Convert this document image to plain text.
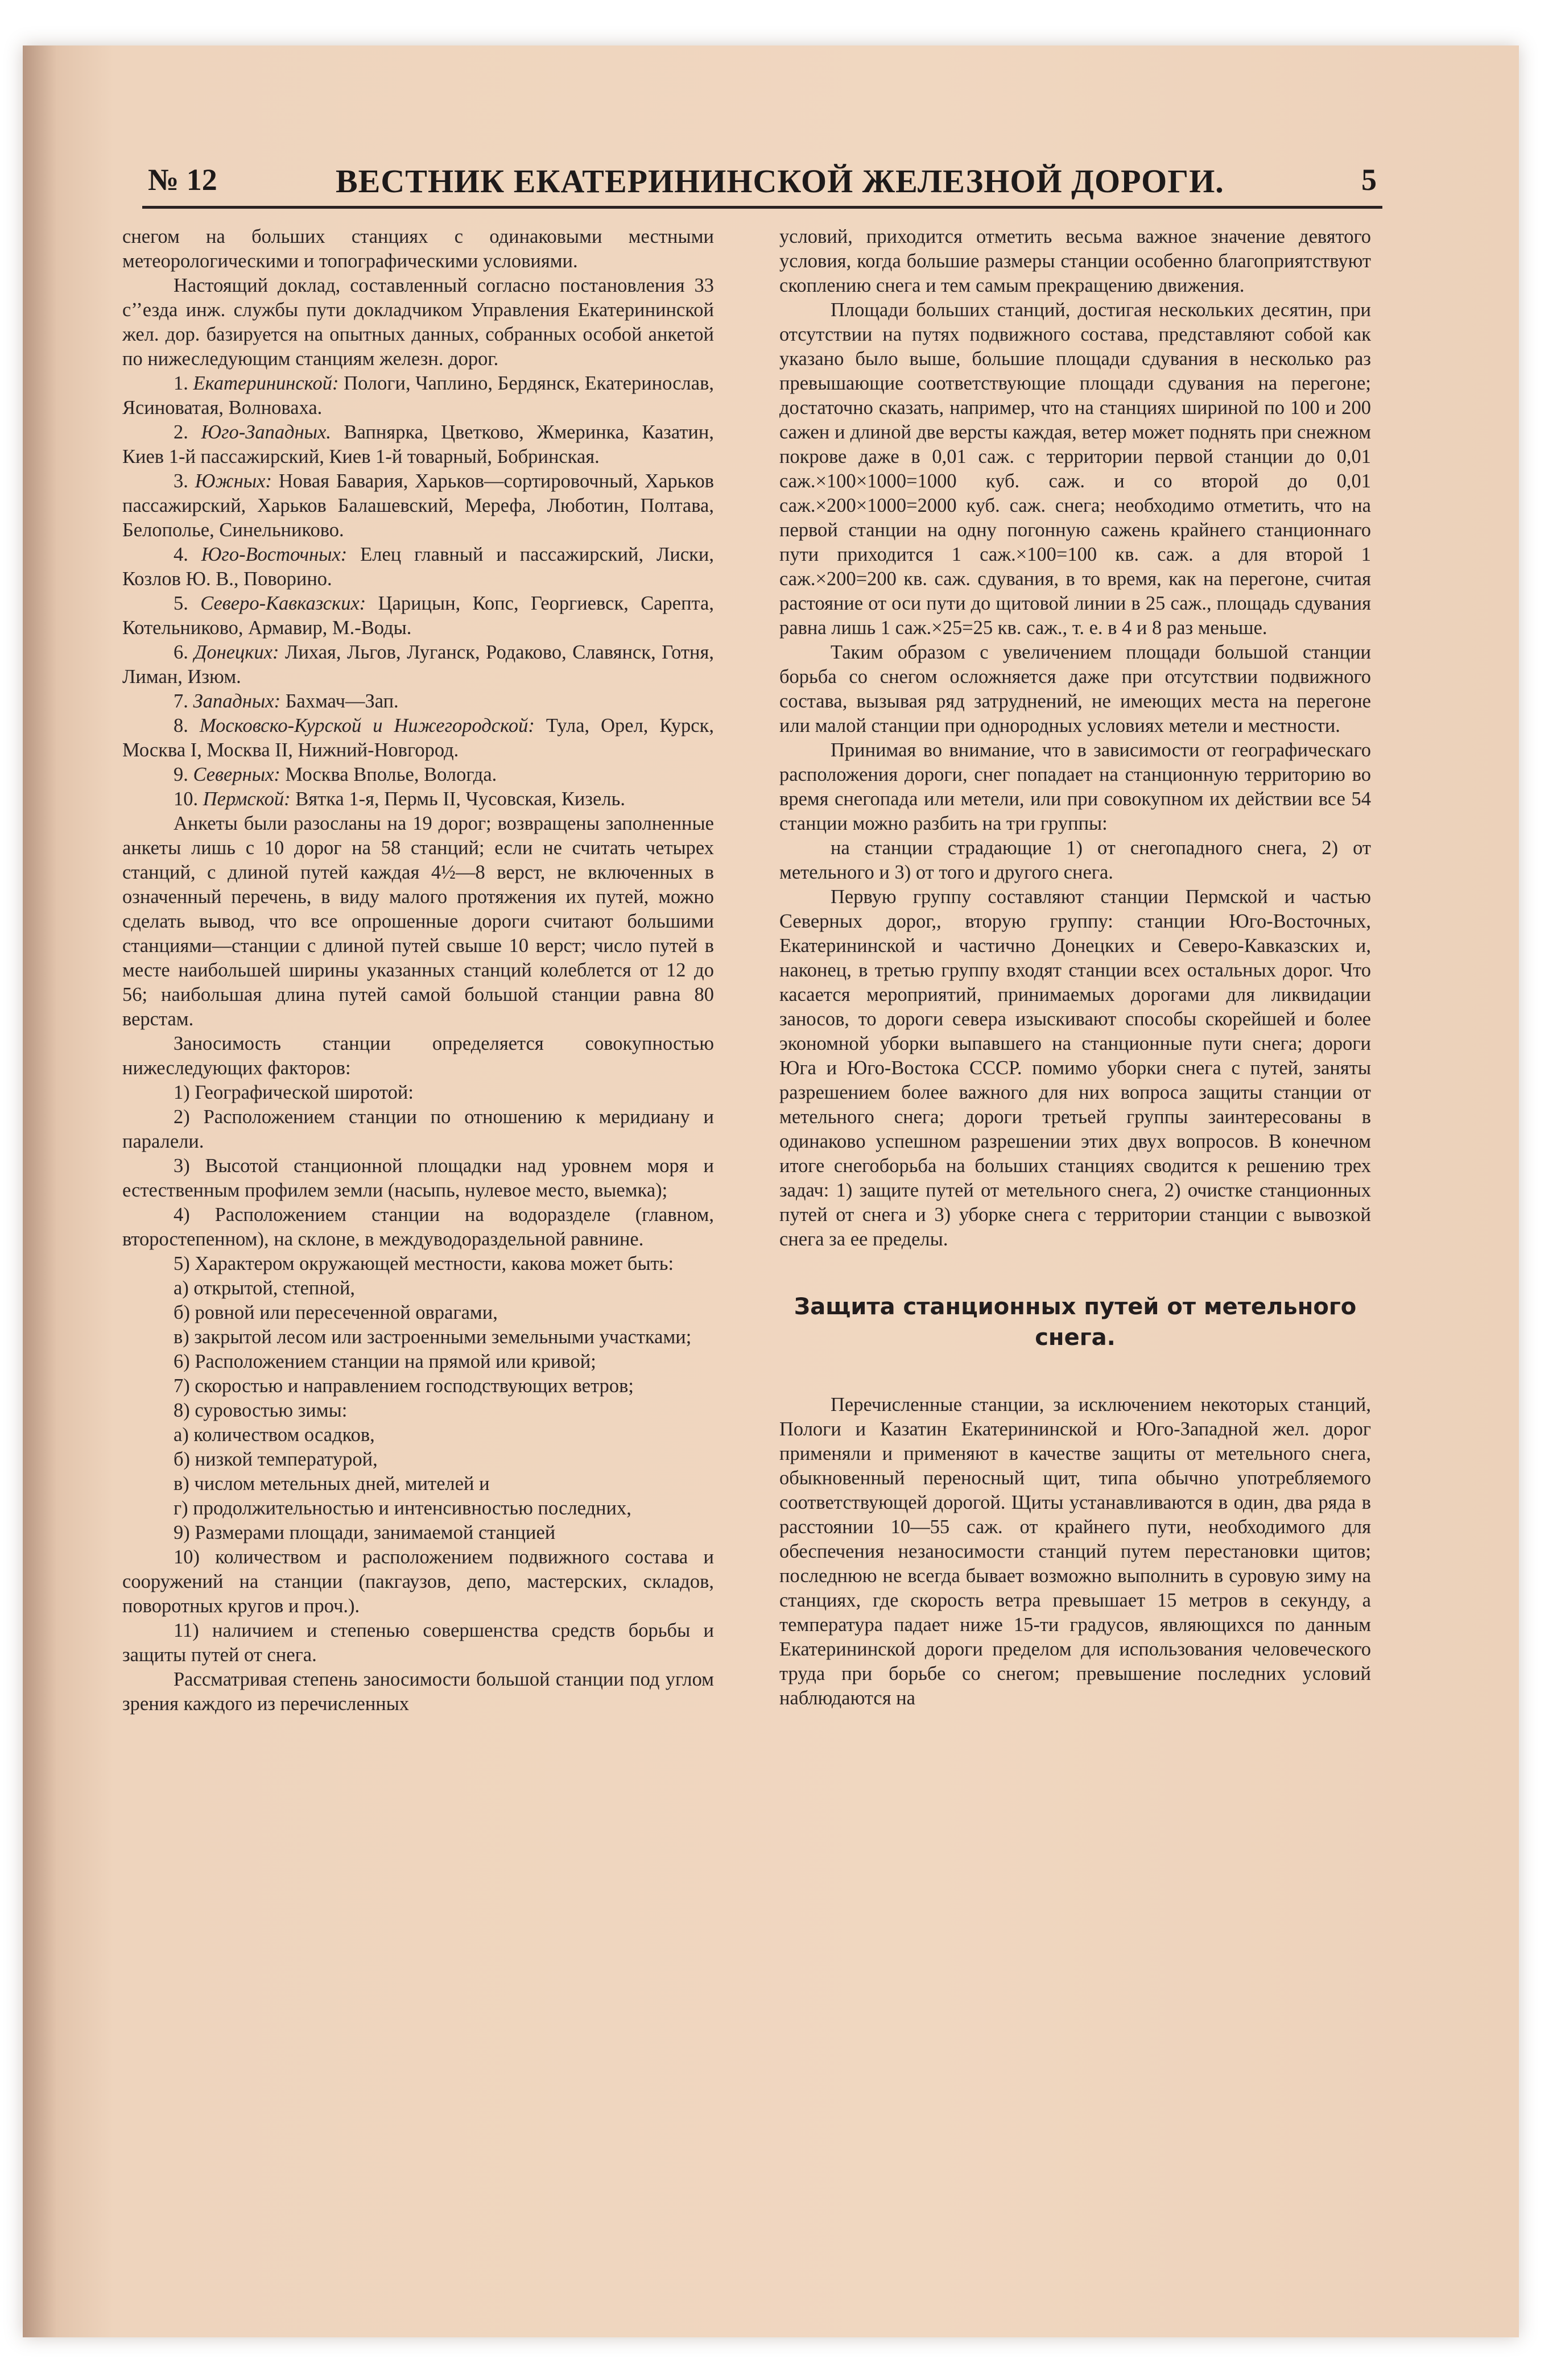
№ 12	ВЕСТНИК ЕКАТЕРИНИНСКОЙ ЖЕЛЕЗНОЙ ДОРОГИ.	5

снегом на больших станциях с одинаковыми местными метеорологическими и топографическими условиями.

Настоящий доклад, составленный согласно постановления 33 с’’езда инж. службы пути докладчиком Управления Екатерининской жел. дор. базируется на опытных данных, собранных особой анкетой по нижеследующим станциям железн. дорог.

1. Екатерининской: Пологи, Чаплино, Бердянск, Екатеринослав, Ясиноватая, Волноваха.

2. Юго-Западных. Вапнярка, Цветково, Жмеринка, Казатин, Киев 1-й пассажирский, Киев 1-й товарный, Бобринская.

3. Южных: Новая Бавария, Харьков—сортировочный, Харьков пассажирский, Харьков Балашевский, Мерефа, Люботин, Полтава, Белополье, Синельниково.

4. Юго-Восточных: Елец главный и пассажирский, Лиски, Козлов Ю. В., Поворино.

5. Северо-Кавказских: Царицын, Копс, Георгиевск, Сарепта, Котельниково, Армавир, М.-Воды.

6. Донецких: Лихая, Льгов, Луганск, Родаково, Славянск, Готня, Лиман, Изюм.

7. Западных: Бахмач—Зап.

8. Московско-Курской и Нижегородской: Тула, Орел, Курск, Москва I, Москва II, Нижний-Новгород.

9. Северных: Москва Вполье, Вологда.

10. Пермской: Вятка 1-я, Пермь II, Чусовская, Кизель.

Анкеты были разосланы на 19 дорог; возвращены заполненные анкеты лишь с 10 дорог на 58 станций; если не считать четырех станций, с длиной путей каждая 4½—8 верст, не включенных в означенный перечень, в виду малого протяжения их путей, можно сделать вывод, что все опрошенные дороги считают большими станциями—станции с длиной путей свыше 10 верст; число путей в месте наибольшей ширины указанных станций колеблется от 12 до 56; наибольшая длина путей самой большой станции равна 80 верстам.

Заносимость станции определяется совокупностью нижеследующих факторов:

1) Географической широтой:

2) Расположением станции по отношению к меридиану и паралели.

3) Высотой станционной площадки над уровнем моря и естественным профилем земли (насыпь, нулевое место, выемка);

4) Расположением станции на водоразделе (главном, второстепенном), на склоне, в междуводораздельной равнине.

5) Характером окружающей местности, какова может быть:

а) открытой, степной,

б) ровной или пересеченной оврагами,

в) закрытой лесом или застроенными земельными участками;

6) Расположением станции на прямой или кривой;

7) скоростью и направлением господствующих ветров;

8) суровостью зимы:

а) количеством осадков,

б) низкой температурой,

в) числом метельных дней, мителей и

г) продолжительностью и интенсивностью последних,

9) Размерами площади, занимаемой станцией

10) количеством и расположением подвижного состава и сооружений на станции (пакгаузов, депо, мастерских, складов, поворотных кругов и проч.).

11) наличием и степенью совершенства средств борьбы и защиты путей от снега.

Рассматривая степень заносимости большой станции под углом зрения каждого из перечисленных

условий, приходится отметить весьма важное значение девятого условия, когда большие размеры станции особенно благоприятствуют скоплению снега и тем самым прекращению движения.

Площади больших станций, достигая нескольких десятин, при отсутствии на путях подвижного состава, представляют собой как указано было выше, большие площади сдувания в несколько раз превышающие соответствующие площади сдувания на перегоне; достаточно сказать, например, что на станциях шириной по 100 и 200 сажен и длиной две версты каждая, ветер может поднять при снежном покрове даже в 0,01 саж. с территории первой станции до 0,01 саж.×100×1000=1000 куб. саж. и со второй до 0,01 саж.×200×1000=2000 куб. саж. снега; необходимо отметить, что на первой станции на одну погонную сажень крайнего станционнаго пути приходится 1 саж.×100=100 кв. саж. а для второй 1 саж.×200=200 кв. саж. сдувания, в то время, как на перегоне, считая растояние от оси пути до щитовой линии в 25 саж., площадь сдувания равна лишь 1 саж.×25=25 кв. саж., т. е. в 4 и 8 раз меньше.

Таким образом с увеличением площади большой станции борьба со снегом осложняется даже при отсутствии подвижного состава, вызывая ряд затруднений, не имеющих места на перегоне или малой станции при однородных условиях метели и местности.

Принимая во внимание, что в зависимости от географическаго расположения дороги, снег попадает на станционную территорию во время снегопада или метели, или при совокупном их действии все 54 станции можно разбить на три группы:

на станции страдающие 1) от снегопадного снега, 2) от метельного и 3) от того и другого снега.

Первую группу составляют станции Пермской и частью Северных дорог,, вторую группу: станции Юго-Восточных, Екатерининской и частично Донецких и Северо-Кавказских и, наконец, в третью группу входят станции всех остальных дорог. Что касается мероприятий, принимаемых дорогами для ликвидации заносов, то дороги севера изыскивают способы скорейшей и более экономной уборки выпавшего на станционные пути снега; дороги Юга и Юго-Востока СССР. помимо уборки снега с путей, заняты разрешением более важного для них вопроса защиты станции от метельного снега; дороги третьей группы заинтересованы в одинаково успешном разрешении этих двух вопросов. В конечном итоге снегоборьба на больших станциях сводится к решению трех задач: 1) защите путей от метельного снега, 2) очистке станционных путей от снега и 3) уборке снега с территории станции с вывозкой снега за ее пределы.

Защита станционных путей от метельного снега.

Перечисленные станции, за исключением некоторых станций, Пологи и Казатин Екатерининской и Юго-Западной жел. дорог применяли и применяют в качестве защиты от метельного снега, обыкновенный переносный щит, типа обычно употребляемого соответствующей дорогой. Щиты устанавливаются в один, два ряда в расстоянии 10—55 саж. от крайнего пути, необходимого для обеспечения незаносимости станций путем перестановки щитов; последнюю не всегда бывает возможно выполнить в суровую зиму на станциях, где скорость ветра превышает 15 метров в секунду, а температура падает ниже 15-ти градусов, являющихся по данным Екатерининской дороги пределом для использования человеческого труда при борьбе со снегом; превышение последних условий наблюдаются на
